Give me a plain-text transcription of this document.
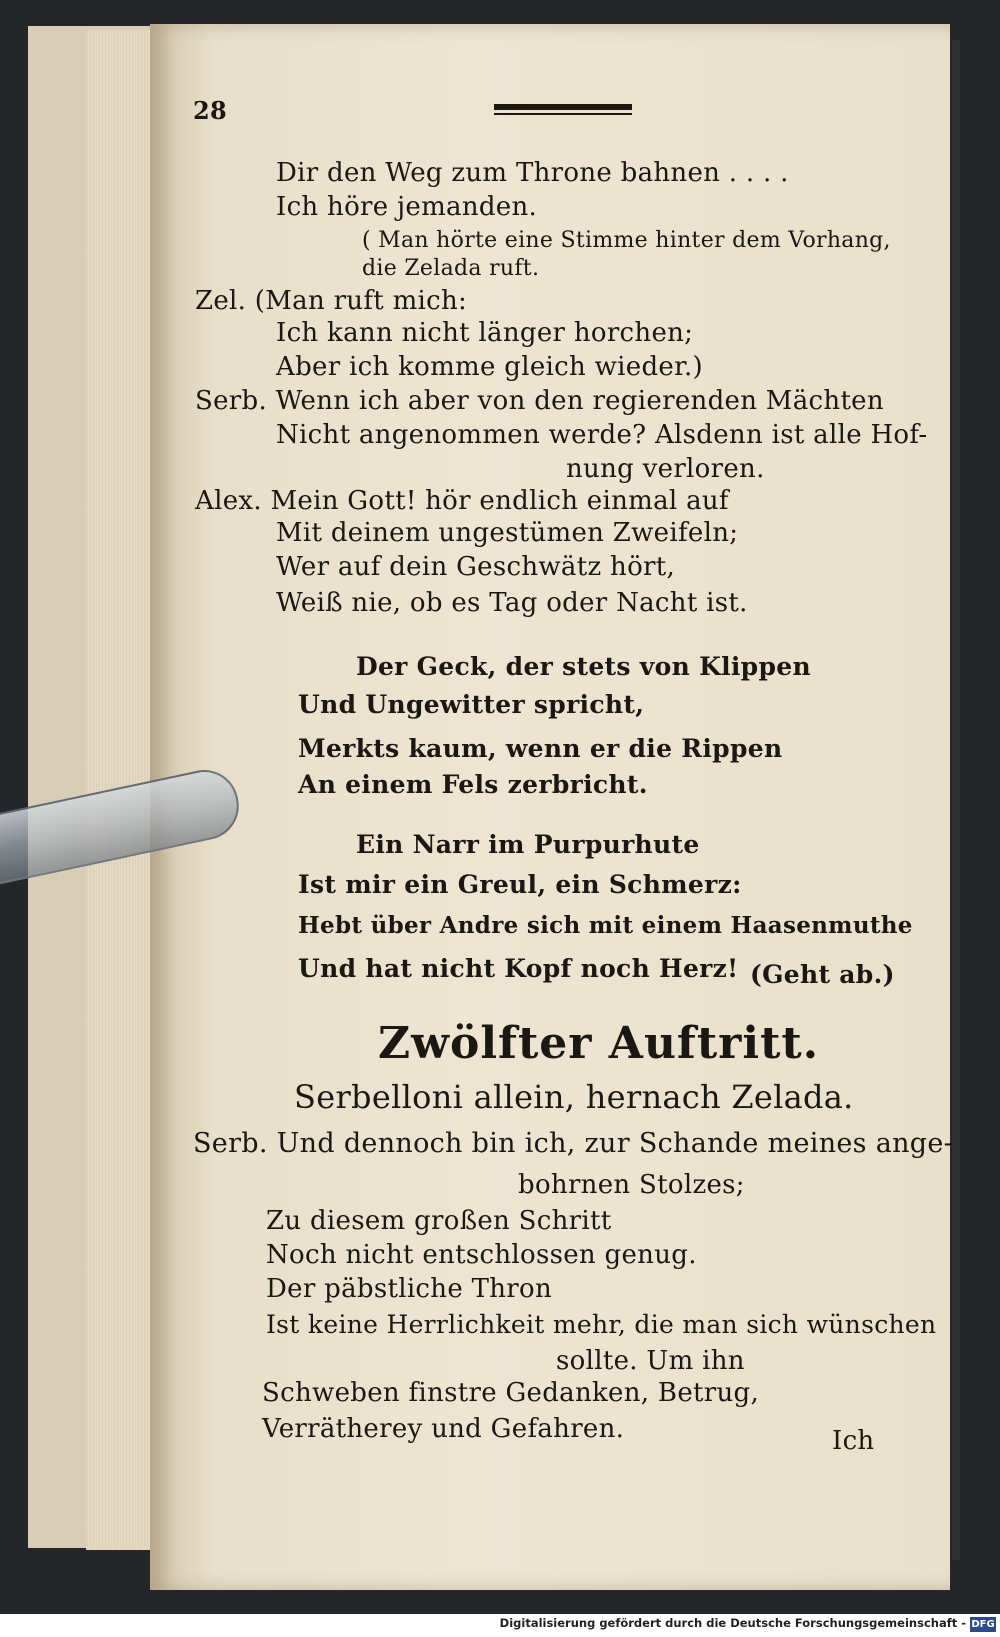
28
Dir den Weg zum Throne bahnen . . . .
Ich höre jemanden.
( Man hörte eine Stimme hinter dem Vorhang,
die Zelada ruft.
Zel. (Man ruft mich:
Ich kann nicht länger horchen;
Aber ich komme gleich wieder.)
Serb. Wenn ich aber von den regierenden Mächten
Nicht angenommen werde? Alsdenn ist alle Hof-
nung verloren.
Alex. Mein Gott! hör endlich einmal auf
Mit deinem ungestümen Zweifeln;
Wer auf dein Geschwätz hört,
Weiß nie, ob es Tag oder Nacht ist.
Der Geck, der stets von Klippen
Und Ungewitter spricht,
Merkts kaum, wenn er die Rippen
An einem Fels zerbricht.
Ein Narr im Purpurhute
Ist mir ein Greul, ein Schmerz:
Hebt über Andre sich mit einem Haasenmuthe
Und hat nicht Kopf noch Herz! (Geht ab.)
Zwölfter Auftritt.
Serbelloni allein, hernach Zelada.
Serb. Und dennoch bin ich, zur Schande meines ange-
bohrnen Stolzes;
Zu diesem großen Schritt
Noch nicht entschlossen genug.
Der päbstliche Thron
Ist keine Herrlichkeit mehr, die man sich wünschen
sollte. Um ihn
Schweben finstre Gedanken, Betrug,
Verrätherey und Gefahren.	Ich
Digitalisierung gefördert durch die Deutsche Forschungsgemeinschaft - DFG
